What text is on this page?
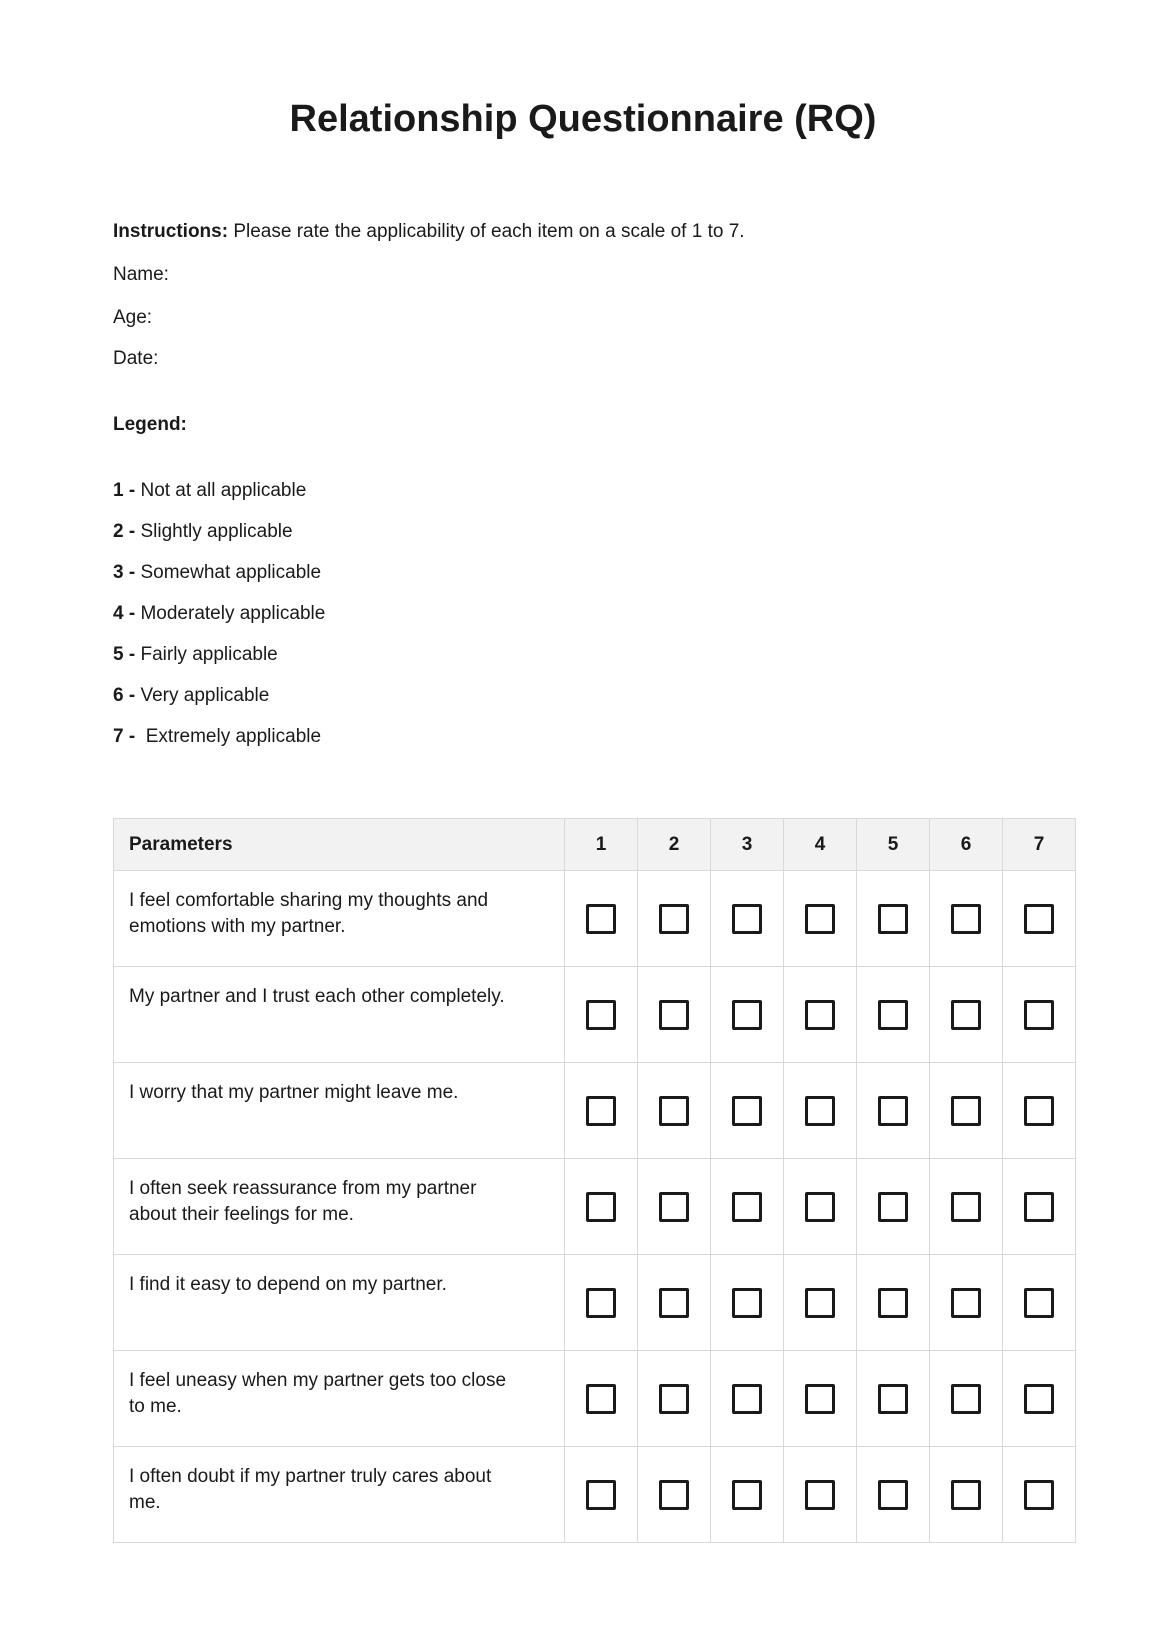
Relationship Questionnaire (RQ)

Instructions: Please rate the applicability of each item on a scale of 1 to 7.

Name:

Age:

Date:

Legend:

1 - Not at all applicable
2 - Slightly applicable
3 - Somewhat applicable
4 - Moderately applicable
5 - Fairly applicable
6 - Very applicable
7 -  Extremely applicable
Parameters	1	2	3	4	5	6	7

I feel comfortable sharing my thoughts and emotions with my partner.							

My partner and I trust each other completely.							

I worry that my partner might leave me.							

I often seek reassurance from my partner about their feelings for me.							

I find it easy to depend on my partner.							

I feel uneasy when my partner gets too close to me.							

I often doubt if my partner truly cares about me.							
